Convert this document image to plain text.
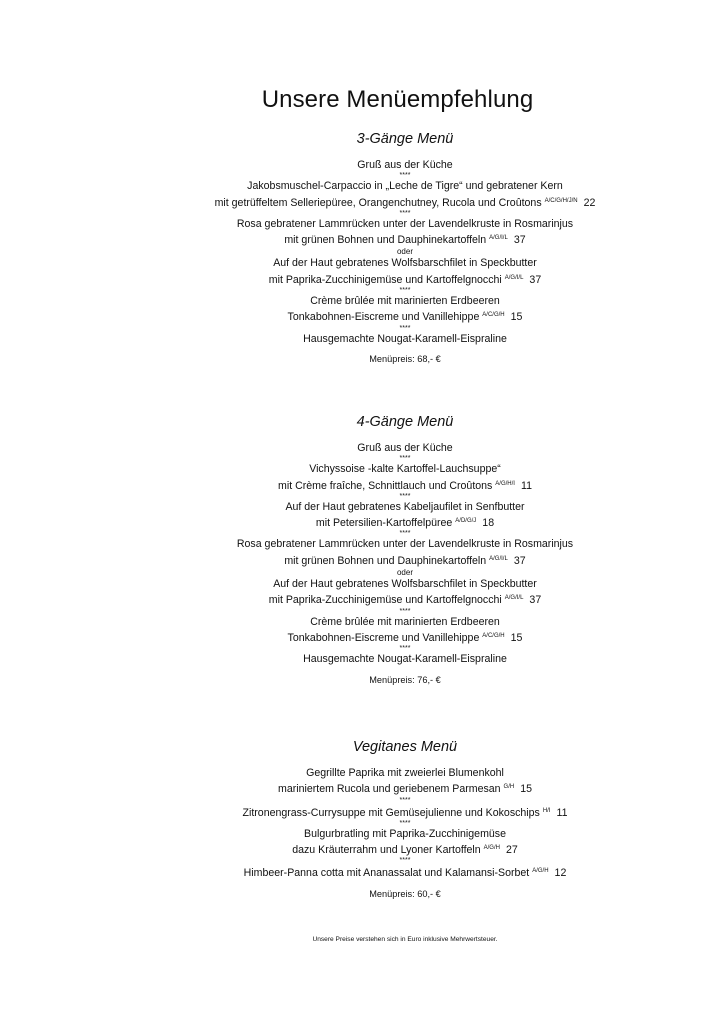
Unsere Menüempfehlung
3-Gänge Menü
Gruß aus der Küche
****
Jakobsmuschel-Carpaccio in „Leche de Tigre“ und gebratener Kern
mit getrüffeltem Selleriepüree, Orangenchutney, Rucola und Croûtons $^{A/C/G/H/J/N}$ 22
****
Rosa gebratener Lammrücken unter der Lavendelkruste in Rosmarinjus
mit grünen Bohnen und Dauphinekartoffeln $^{A/G/I/L}$ 37
oder
Auf der Haut gebratenes Wolfsbarschfilet in Speckbutter
mit Paprika-Zucchinigemüse und Kartoffelgnocchi $^{A/G/I/L}$ 37
****
Crème brûlée mit marinierten Erdbeeren
Tonkabohnen-Eiscreme und Vanillehippe $^{A/C/G/H}$ 15
****
Hausgemachte Nougat-Karamell-Eispraline
Menüpreis: 68,- €
4-Gänge Menü
Gruß aus der Küche
****
Vichyssoise -kalte Kartoffel-Lauchsuppe“
mit Crème fraîche, Schnittlauch und Croûtons $^{A/G/H/I}$ 11
****
Auf der Haut gebratenes Kabeljaufilet in Senfbutter
mit Petersilien-Kartoffelpüree $^{A/D/G/J}$ 18
****
Rosa gebratener Lammrücken unter der Lavendelkruste in Rosmarinjus
mit grünen Bohnen und Dauphinekartoffeln $^{A/G/I/L}$ 37
oder
Auf der Haut gebratenes Wolfsbarschfilet in Speckbutter
mit Paprika-Zucchinigemüse und Kartoffelgnocchi $^{A/G/I/L}$ 37
****
Crème brûlée mit marinierten Erdbeeren
Tonkabohnen-Eiscreme und Vanillehippe $^{A/C/G/H}$ 15
****
Hausgemachte Nougat-Karamell-Eispraline
Menüpreis: 76,- €
Vegitanes Menü
Gegrillte Paprika mit zweierlei Blumenkohl
mariniertem Rucola und geriebenem Parmesan $^{G/H}$ 15
****
Zitronengrass-Currysuppe mit Gemüsejulienne und Kokoschips $^{H/I}$ 11
****
Bulgurbratling mit Paprika-Zucchinigemüse
dazu Kräuterrahm und Lyoner Kartoffeln $^{A/G/H}$ 27
****
Himbeer-Panna cotta mit Ananassalat und Kalamansi-Sorbet $^{A/G/H}$ 12
Menüpreis: 60,- €
Unsere Preise verstehen sich in Euro inklusive Mehrwertsteuer.
